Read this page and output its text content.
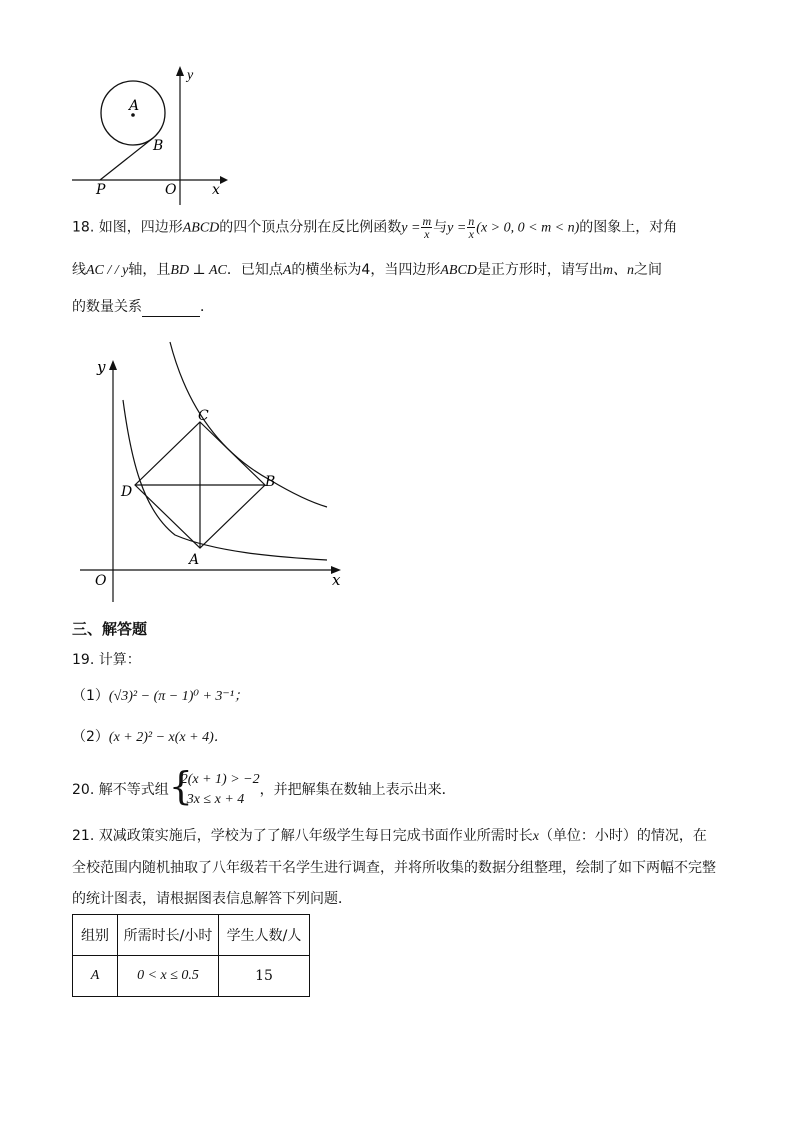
y
A
B
P	O	x
18. 如图，四边形ABCD的四个顶点分别在反比例函数$y = \frac{m}{x}$ 与$y = \frac{n}{x} (x > 0$, 0 < m < n)的图象上，对角
线AC / / y轴，且BD ⊥ AC．已知点A的横坐标为4，当四边形ABCD是正方形时，请写出m、n之间
的数量关系	．
y
C
B
D
A
O	x
三、解答题
19. 计算：
（1）(√3)² − (π − 1)⁰ + 3⁻¹；
（2）(x + 2)² − x(x + 4)．
20. 解不等式组 {
2(x + 1) > −2
3x ≤ x + 4
，并把解集在数轴上表示出来．
21. 双减政策实施后，学校为了了解八年级学生每日完成书面作业所需时长x（单位：小时）的情况，在
全校范围内随机抽取了八年级若干名学生进行调查，并将所收集的数据分组整理，绘制了如下两幅不完整
的统计图表，请根据图表信息解答下列问题．
组别	所需时长/小时	学生人数/人
A	0 < x ≤ 0.5	15
